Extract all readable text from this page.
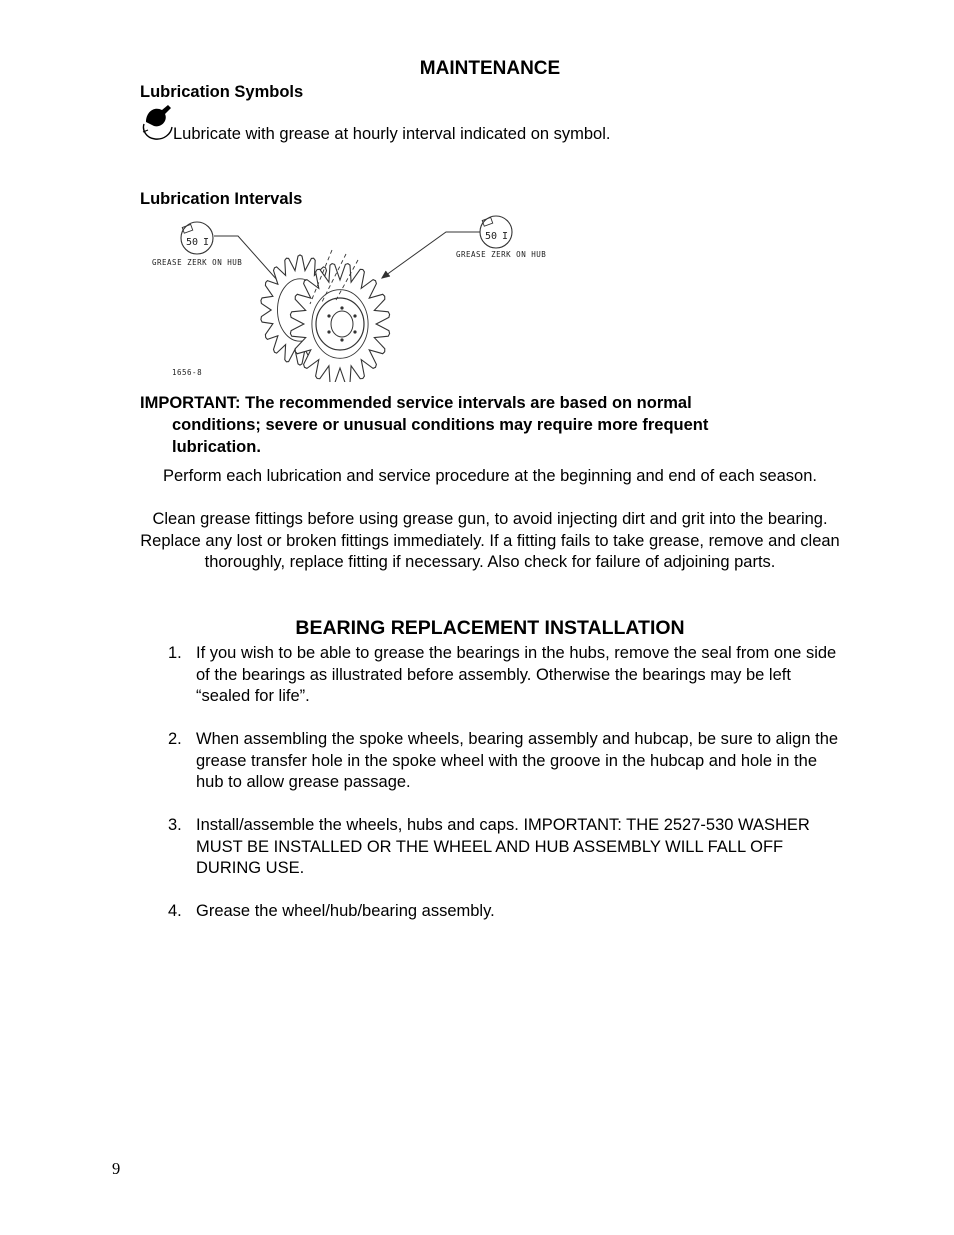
MAINTENANCE
Lubrication Symbols
Lubricate with grease at hourly interval indicated on symbol.
Lubrication Intervals
50 I
GREASE ZERK ON HUB
50 I
GREASE ZERK ON HUB
1656-8
IMPORTANT: The recommended service intervals are based on normal
conditions; severe or unusual conditions may require more frequent
lubrication.
Perform each lubrication and service procedure at the beginning and end of each season.
Clean grease fittings before using grease gun, to avoid injecting dirt and grit into the bearing. Replace any lost or broken fittings immediately. If a fitting fails to take grease, remove and clean thoroughly, replace fitting if necessary. Also check for failure of adjoining parts.
BEARING REPLACEMENT INSTALLATION
1. If you wish to be able to grease the bearings in the hubs, remove the seal from one side of the bearings as illustrated before assembly. Otherwise the bearings may be left “sealed for life”.
2. When assembling the spoke wheels, bearing assembly and hubcap, be sure to align the grease transfer hole in the spoke wheel with the groove in the hubcap and hole in the hub to allow grease passage.
3. Install/assemble the wheels, hubs and caps. IMPORTANT: THE 2527-530 WASHER MUST BE INSTALLED OR THE WHEEL AND HUB ASSEMBLY WILL FALL OFF DURING USE.
4. Grease the wheel/hub/bearing assembly.
9
